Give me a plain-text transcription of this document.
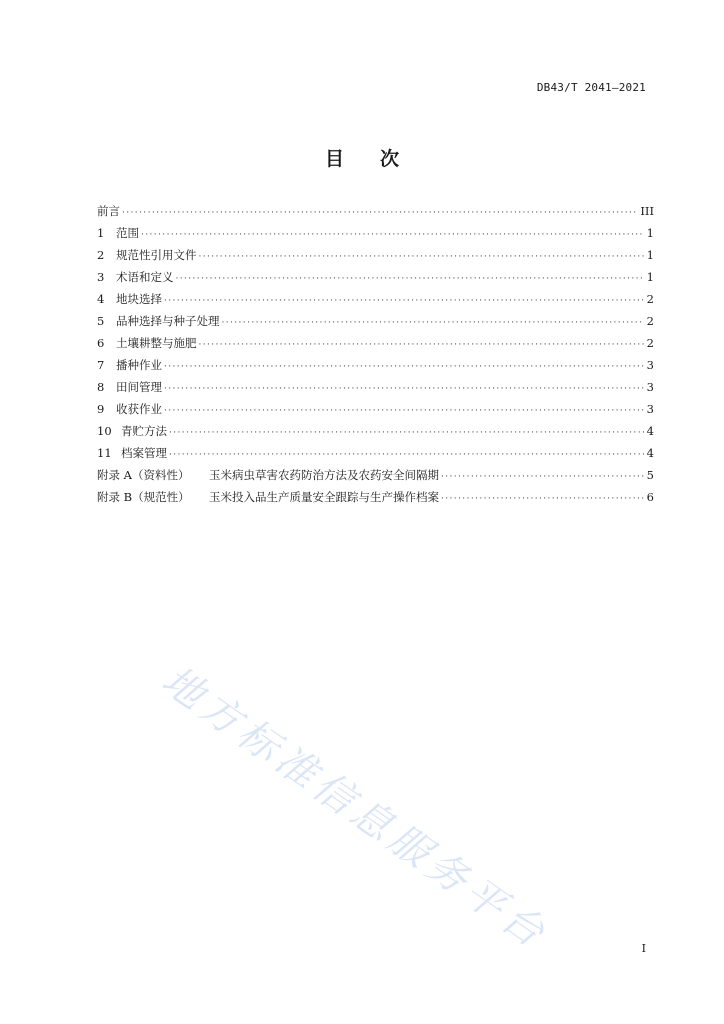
DB43/T 2041—2021
目次
前言 ·····	III
1	范围 ·····	1
2	规范性引用文件 ·····	1
3	术语和定义 ·····	1
4	地块选择 ·····	2
5	品种选择与种子处理 ·····	2
6	土壤耕整与施肥 ·····	2
7	播种作业 ·····	3
8	田间管理 ·····	3
9	收获作业 ·····	3
10 青贮方法 ·····	4
11 档案管理 ·····	4
附录 A（资料性）	玉米病虫草害农药防治方法及农药安全间隔期 ·····	5
附录 B（规范性）	玉米投入品生产质量安全跟踪与生产操作档案 ·····	6
地方标准信息服务平台	I
